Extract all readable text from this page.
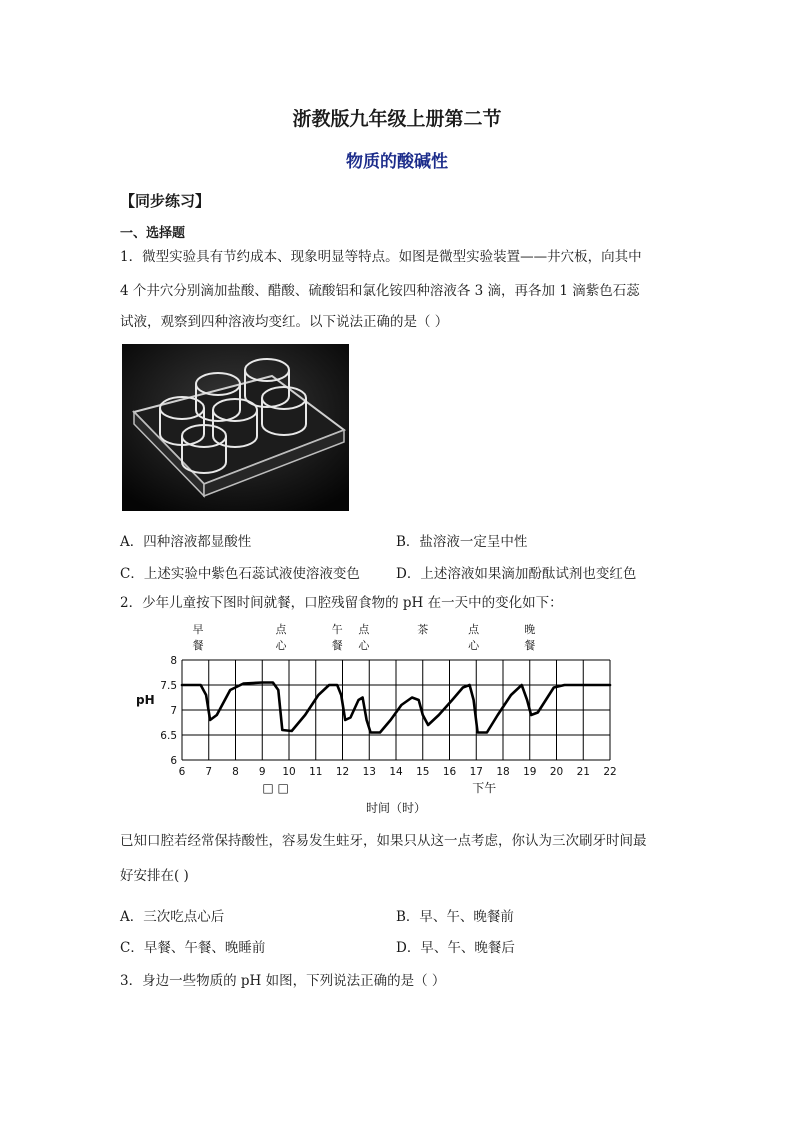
浙教版九年级上册第二节
物质的酸碱性
【同步练习】
一、选择题
1．微型实验具有节约成本、现象明显等特点。如图是微型实验装置——井穴板，向其中
4 个井穴分别滴加盐酸、醋酸、硫酸铝和氯化铵四种溶液各 3 滴，再各加 1 滴紫色石蕊
试液，观察到四种溶液均变红。以下说法正确的是（ ）
A．四种溶液都显酸性	B．盐溶液一定呈中性
C．上述实验中紫色石蕊试液使溶液变色	D．上述溶液如果滴加酚酞试剂也变红色
2．少年儿童按下图时间就餐，口腔残留食物的 pH 在一天中的变化如下：
6 7 8 9 10 11 12 13 14 15 16 17 18 19 20 21 22
6
6.5
7
7.5
8
pH
时间（时）
□ □	下午
早
餐
点
心
午
餐
点
心
茶	点
心
晚
餐
已知口腔若经常保持酸性，容易发生蛀牙，如果只从这一点考虑，你认为三次刷牙时间最
好安排在( )
A．三次吃点心后	B．早、午、晚餐前
C．早餐、午餐、晚睡前	D．早、午、晚餐后
3．身边一些物质的 pH 如图，下列说法正确的是（ ）
